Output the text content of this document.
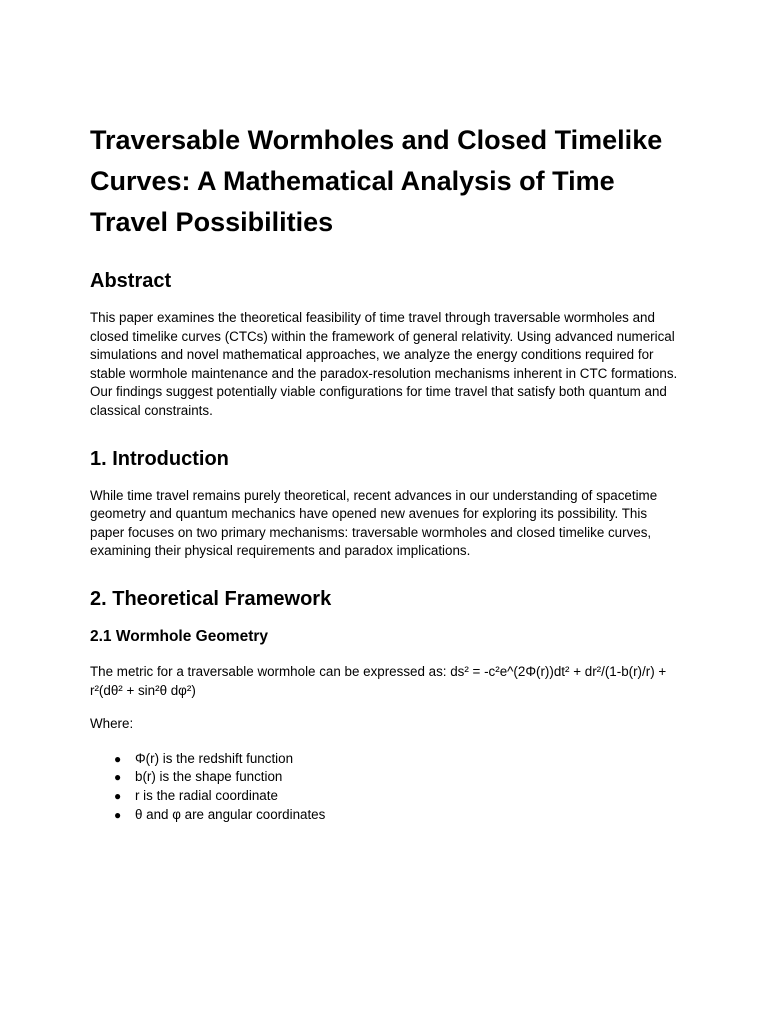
Traversable Wormholes and Closed Timelike Curves: A Mathematical Analysis of Time Travel Possibilities
Abstract

This paper examines the theoretical feasibility of time travel through traversable wormholes and closed timelike curves (CTCs) within the framework of general relativity. Using advanced numerical simulations and novel mathematical approaches, we analyze the energy conditions required for stable wormhole maintenance and the paradox-resolution mechanisms inherent in CTC formations. Our findings suggest potentially viable configurations for time travel that satisfy both quantum and classical constraints.

1. Introduction

While time travel remains purely theoretical, recent advances in our understanding of spacetime geometry and quantum mechanics have opened new avenues for exploring its possibility. This paper focuses on two primary mechanisms: traversable wormholes and closed timelike curves, examining their physical requirements and paradox implications.

2. Theoretical Framework
2.1 Wormhole Geometry

The metric for a traversable wormhole can be expressed as: ds² = -c²e^(2Φ(r))dt² + dr²/(1-b(r)/r) + r²(dθ² + sin²θ dφ²)

Where:

● Φ(r) is the redshift function
● b(r) is the shape function
● r is the radial coordinate
● θ and φ are angular coordinates
